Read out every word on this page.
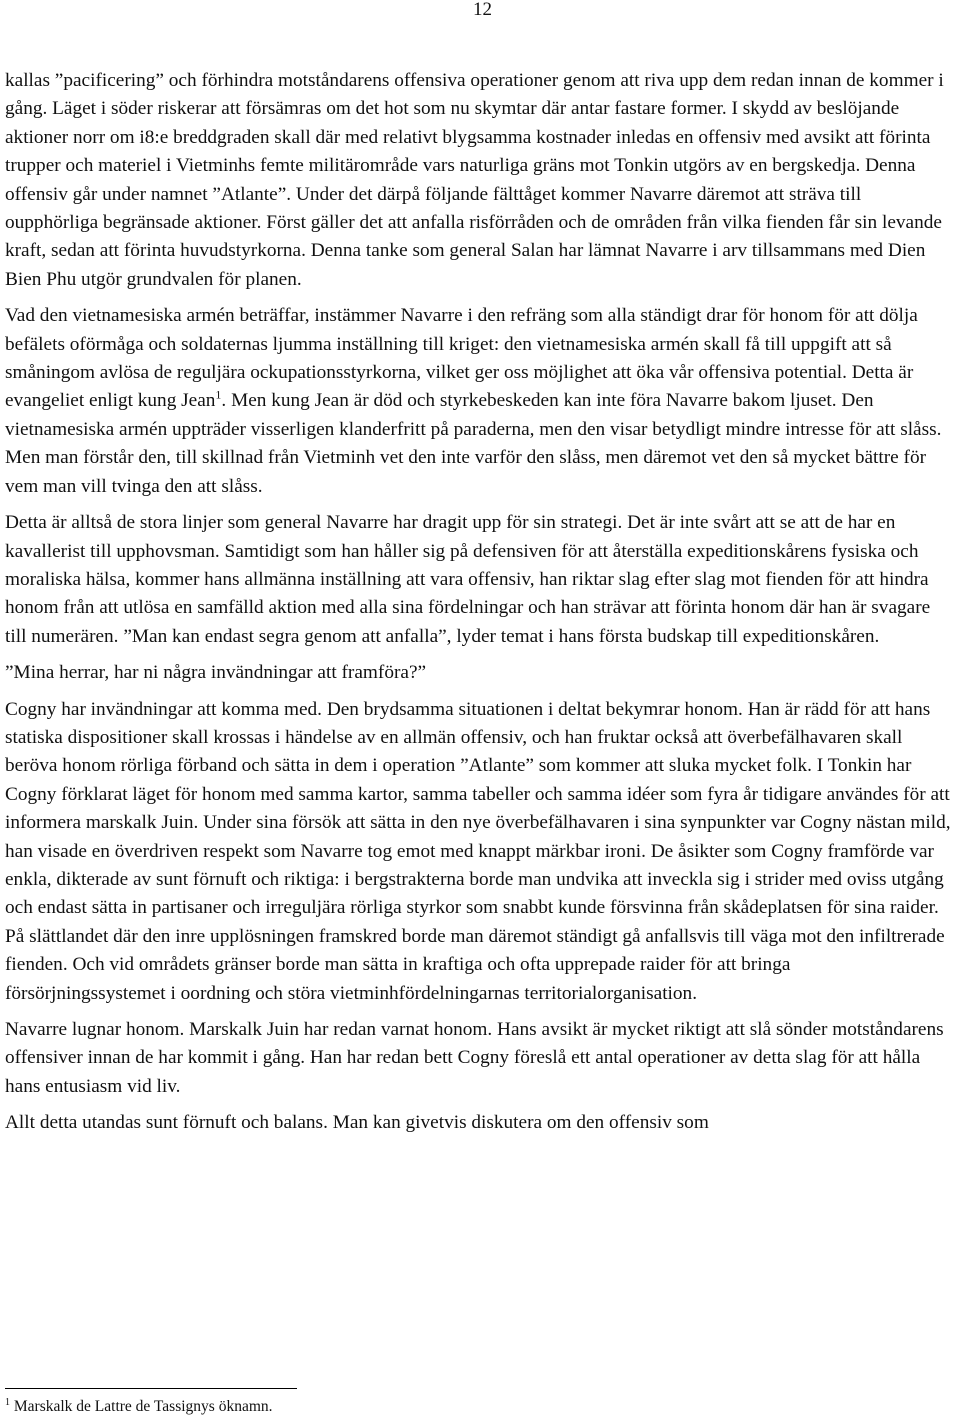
12

kallas ”pacificering” och förhindra motståndarens offensiva operationer genom att riva upp dem redan innan de kommer i gång. Läget i söder riskerar att försämras om det hot som nu skymtar där antar fastare former. I skydd av beslöjande aktioner norr om i8:e breddgraden skall där med relativt blygsamma kostnader inledas en offensiv med avsikt att förinta trupper och materiel i Vietminhs femte militärområde vars naturliga gräns mot Tonkin utgörs av en bergskedja. Denna offensiv går under namnet ”Atlante”. Under det därpå följande fälttåget kommer Navarre däremot att sträva till oupphörliga begränsade aktioner. Först gäller det att anfalla risförråden och de områden från vilka fienden får sin levande kraft, sedan att förinta huvudstyrkorna. Denna tanke som general Salan har lämnat Navarre i arv tillsammans med Dien Bien Phu utgör grundvalen för planen.

Vad den vietnamesiska armén beträffar, instämmer Navarre i den refräng som alla ständigt drar för honom för att dölja befälets oförmåga och soldaternas ljumma inställning till kriget: den vietnamesiska armén skall få till uppgift att så småningom avlösa de reguljära ockupationsstyrkorna, vilket ger oss möjlighet att öka vår offensiva potential. Detta är evangeliet enligt kung Jean$^1$. Men kung Jean är död och styrkebeskeden kan inte föra Navarre bakom ljuset. Den vietnamesiska armén uppträder visserligen klanderfritt på paraderna, men den visar betydligt mindre intresse för att slåss. Men man förstår den, till skillnad från Vietminh vet den inte varför den slåss, men däremot vet den så mycket bättre för vem man vill tvinga den att slåss.

Detta är alltså de stora linjer som general Navarre har dragit upp för sin strategi. Det är inte svårt att se att de har en kavallerist till upphovsman. Samtidigt som han håller sig på defensiven för att återställa expeditionskårens fysiska och moraliska hälsa, kommer hans allmänna inställning att vara offensiv, han riktar slag efter slag mot fienden för att hindra honom från att utlösa en samfälld aktion med alla sina fördelningar och han strävar att förinta honom där han är svagare till numerären. ”Man kan endast segra genom att anfalla”, lyder temat i hans första budskap till expeditionskåren.

”Mina herrar, har ni några invändningar att framföra?”

Cogny har invändningar att komma med. Den brydsamma situationen i deltat bekymrar honom. Han är rädd för att hans statiska dispositioner skall krossas i händelse av en allmän offensiv, och han fruktar också att överbefälhavaren skall beröva honom rörliga förband och sätta in dem i operation ”Atlante” som kommer att sluka mycket folk. I Tonkin har Cogny förklarat läget för honom med samma kartor, samma tabeller och samma idéer som fyra år tidigare användes för att informera marskalk Juin. Under sina försök att sätta in den nye överbefälhavaren i sina synpunkter var Cogny nästan mild, han visade en överdriven respekt som Navarre tog emot med knappt märkbar ironi. De åsikter som Cogny framförde var enkla, dikterade av sunt förnuft och riktiga: i bergstrakterna borde man undvika att inveckla sig i strider med oviss utgång och endast sätta in partisaner och irreguljära rörliga styrkor som snabbt kunde försvinna från skådeplatsen för sina raider. På slättlandet där den inre upplösningen framskred borde man däremot ständigt gå anfallsvis till väga mot den infiltrerade fienden. Och vid områdets gränser borde man sätta in kraftiga och ofta upprepade raider för att bringa försörjningssystemet i oordning och störa vietminhfördelningarnas territorialorganisation.

Navarre lugnar honom. Marskalk Juin har redan varnat honom. Hans avsikt är mycket riktigt att slå sönder motståndarens offensiver innan de har kommit i gång. Han har redan bett Cogny föreslå ett antal operationer av detta slag för att hålla hans entusiasm vid liv.

Allt detta utandas sunt förnuft och balans. Man kan givetvis diskutera om den offensiv som

$^1$ Marskalk de Lattre de Tassignys öknamn.
